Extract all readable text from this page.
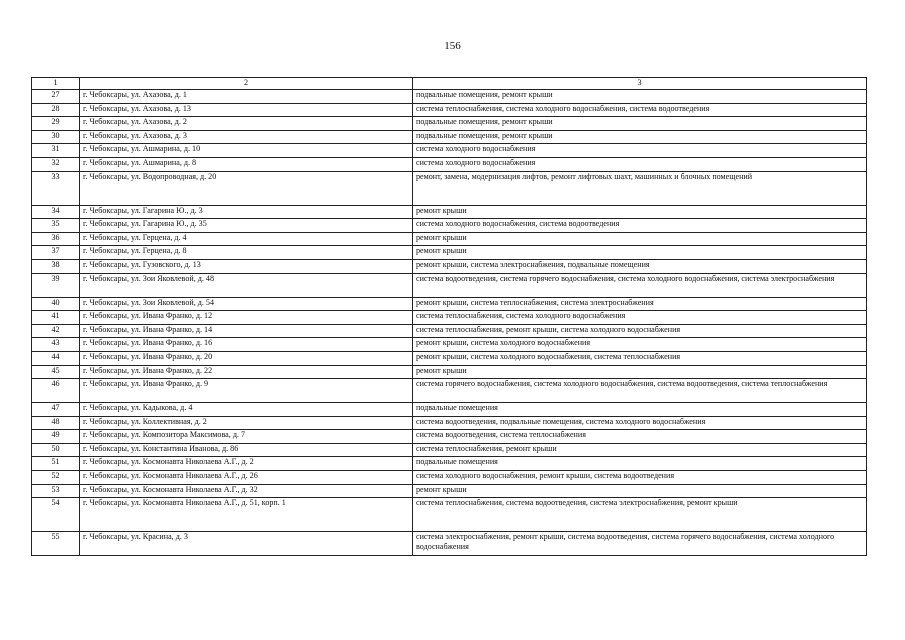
156
1	2	3
27	г. Чебоксары, ул. Ахазова, д. 1	подвальные помещения, ремонт крыши
28	г. Чебоксары, ул. Ахазова, д. 13	система теплоснабжения, система холодного водоснабжения, система водоотведения
29	г. Чебоксары, ул. Ахазова, д. 2	подвальные помещения, ремонт крыши
30	г. Чебоксары, ул. Ахазова, д. 3	подвальные помещения, ремонт крыши
31	г. Чебоксары, ул. Ашмарина, д. 10	система холодного водоснабжения
32	г. Чебоксары, ул. Ашмарина, д. 8	система холодного водоснабжения
33	г. Чебоксары, ул. Водопроводная, д. 20	ремонт, замена, модернизация лифтов, ремонт лифтовых шахт, машинных и блочных помещений
34	г. Чебоксары, ул. Гагарина Ю., д. 3	ремонт крыши
35	г. Чебоксары, ул. Гагарина Ю., д. 35	система холодного водоснабжения, система водоотведения
36	г. Чебоксары, ул. Герцена, д. 4	ремонт крыши
37	г. Чебоксары, ул. Герцена, д. 8	ремонт крыши
38	г. Чебоксары, ул. Гузовского, д. 13	ремонт крыши, система электроснабжения, подвальные помещения
39	г. Чебоксары, ул. Зои Яковлевой, д. 48	система водоотведения, система горячего водоснабжения, система холодного водоснабжения, система электроснабжения
40	г. Чебоксары, ул. Зои Яковлевой, д. 54	ремонт крыши, система теплоснабжения, система электроснабжения
41	г. Чебоксары, ул. Ивана Франко, д. 12	система теплоснабжения, система холодного водоснабжения
42	г. Чебоксары, ул. Ивана Франко, д. 14	система теплоснабжения, ремонт крыши, система холодного водоснабжения
43	г. Чебоксары, ул. Ивана Франко, д. 16	ремонт крыши, система холодного водоснабжения
44	г. Чебоксары, ул. Ивана Франко, д. 20	ремонт крыши, система холодного водоснабжения, система теплоснабжения
45	г. Чебоксары, ул. Ивана Франко, д. 22	ремонт крыши
46	г. Чебоксары, ул. Ивана Франко, д. 9	система горячего водоснабжения, система холодного водоснабжения, система водоотведения, система теплоснабжения
47	г. Чебоксары, ул. Кадыкова, д. 4	подвальные помещения
48	г. Чебоксары, ул. Коллективная, д. 2	система водоотведения, подвальные помещения, система холодного водоснабжения
49	г. Чебоксары, ул. Композитора Максимова, д. 7	система водоотведения, система теплоснабжения
50	г. Чебоксары, ул. Константина Иванова, д. 86	система теплоснабжения, ремонт крыши
51	г. Чебоксары, ул. Космонавта Николаева А.Г., д. 2	подвальные помещения
52	г. Чебоксары, ул. Космонавта Николаева А.Г., д. 26	система холодного водоснабжения, ремонт крыши, система водоотведения
53	г. Чебоксары, ул. Космонавта Николаева А.Г., д. 32	ремонт крыши
54	г. Чебоксары, ул. Космонавта Николаева А.Г., д. 51, корп. 1	система теплоснабжения, система водоотведения, система электроснабжения, ремонт крыши
55	г. Чебоксары, ул. Красина, д. 3	система электроснабжения, ремонт крыши, система водоотведения, система горячего водоснабжения, система холодного водоснабжения
